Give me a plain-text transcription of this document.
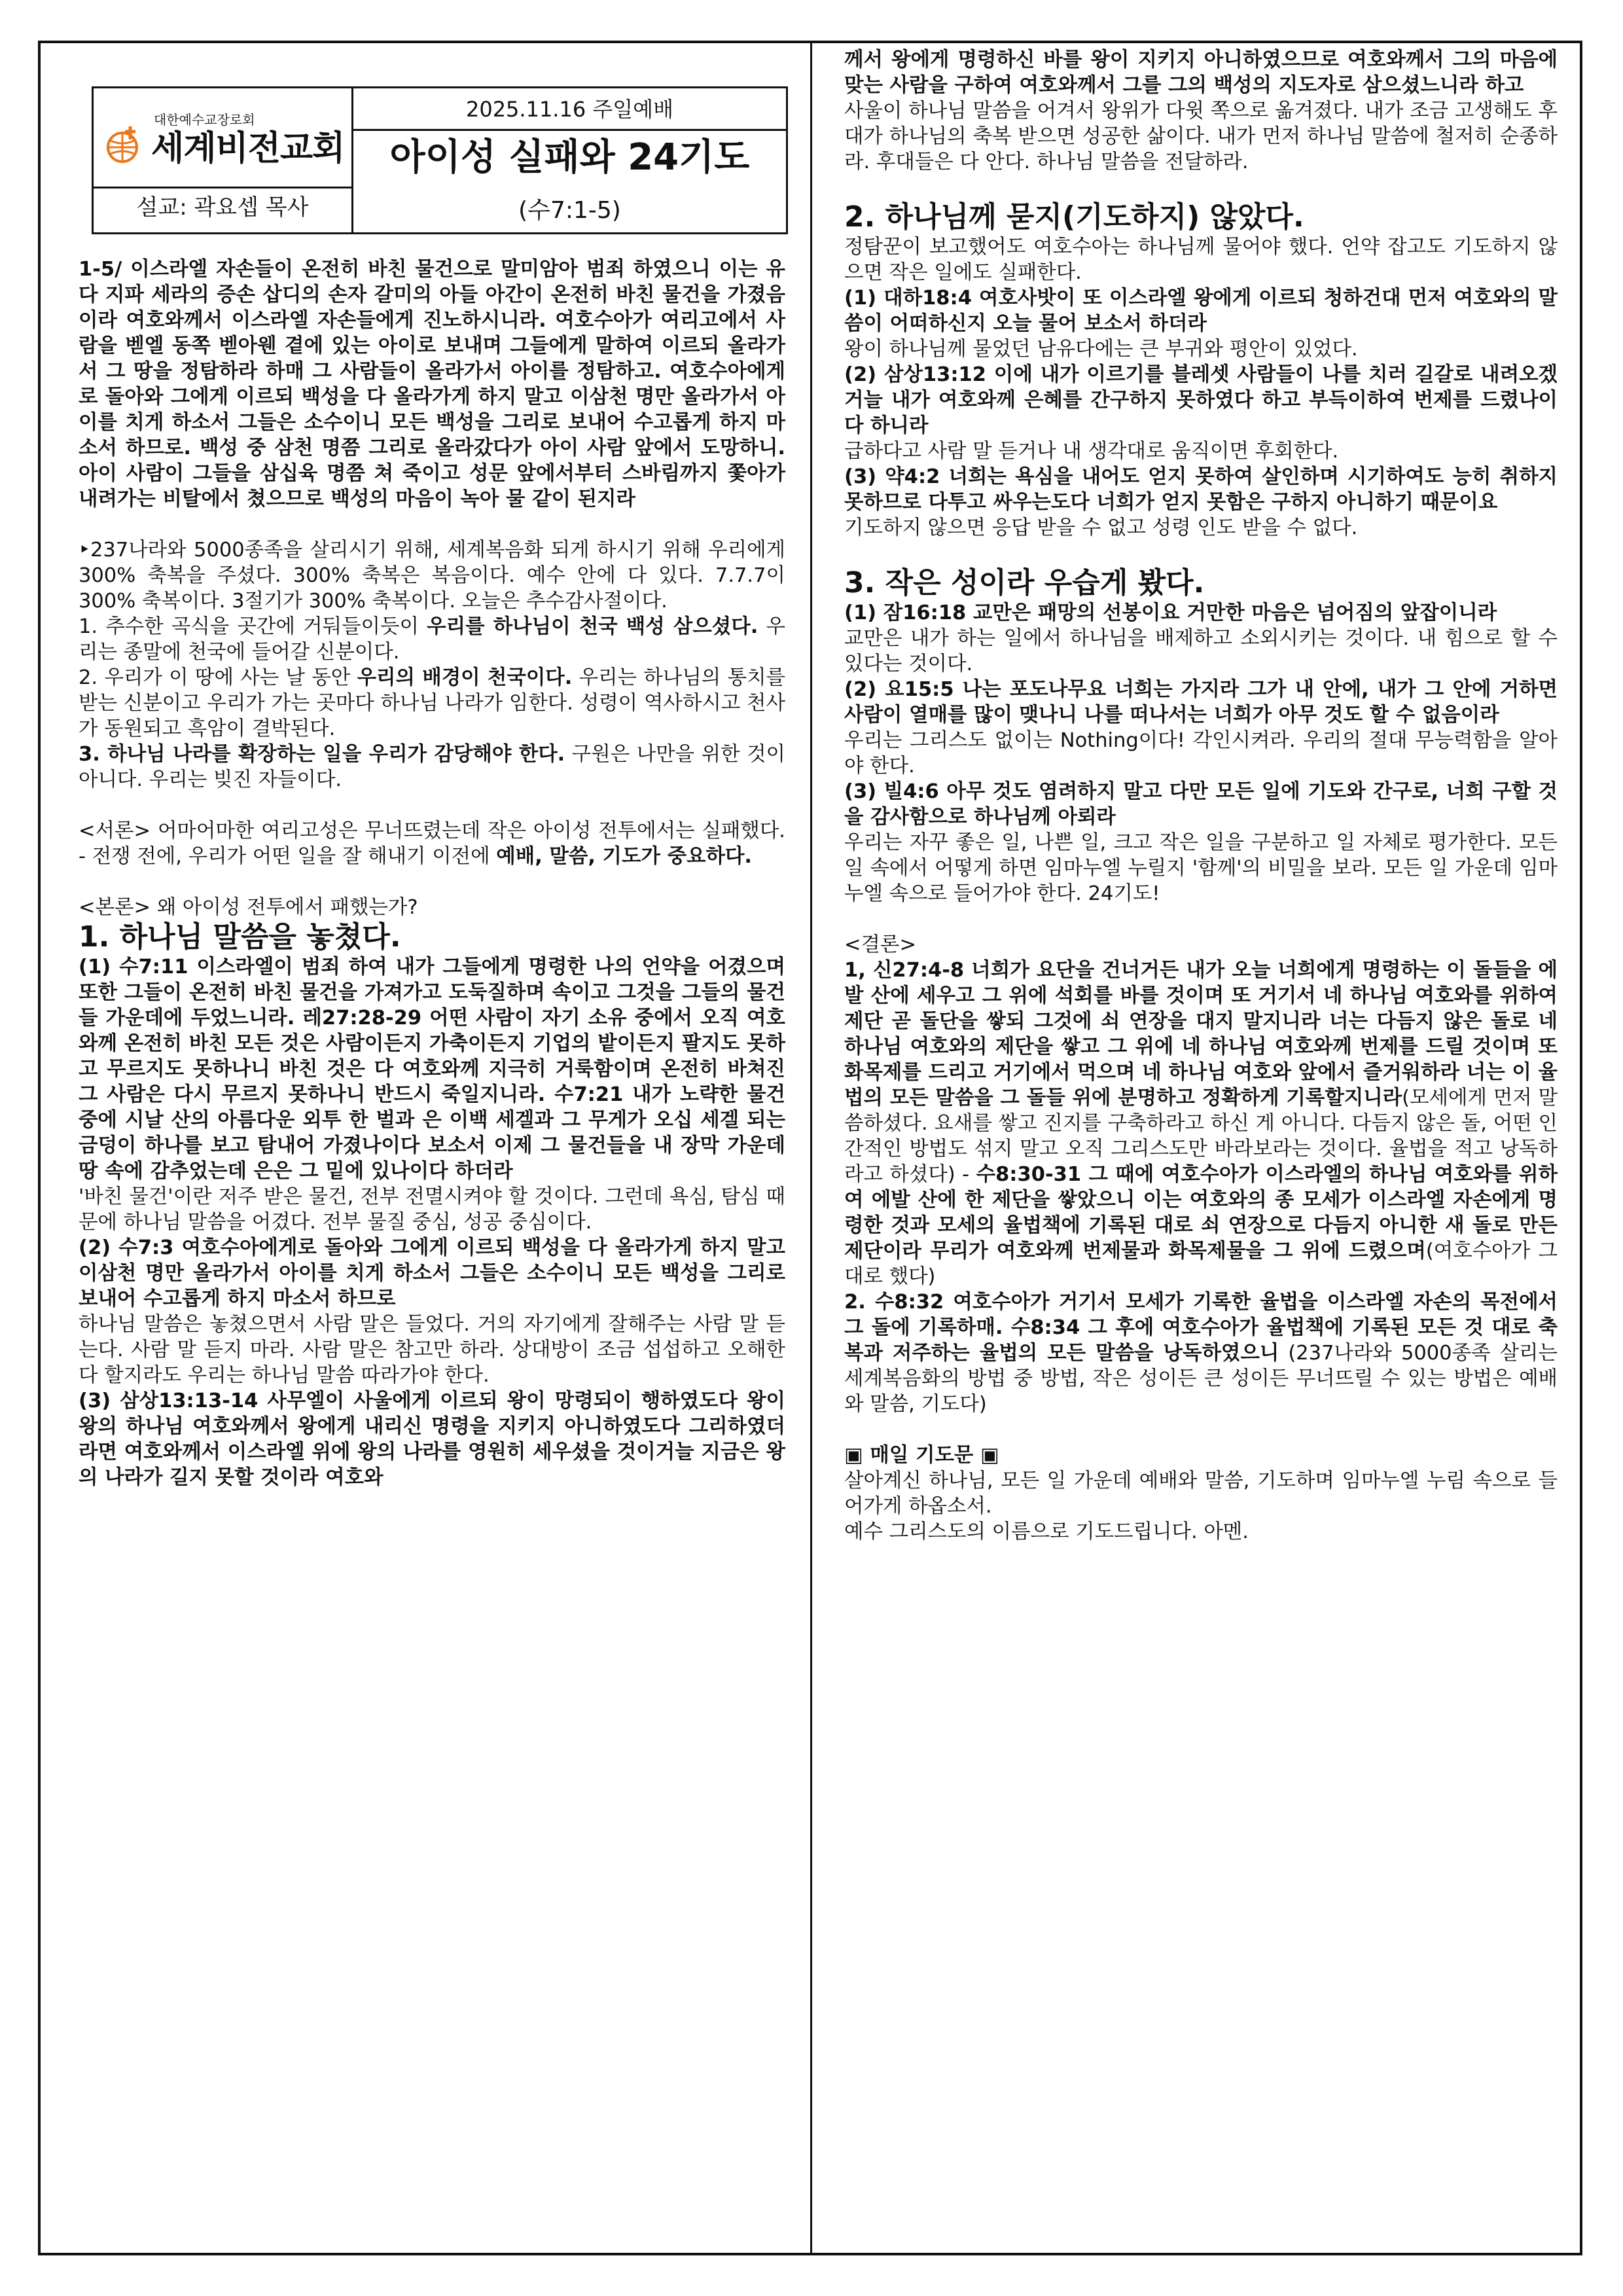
대한예수교장로회
세계비전교회
설교: 곽요셉 목사
2025.11.16 주일예배
아이성 실패와 24기도
(수7:1-5)

1-5/ 이스라엘 자손들이 온전히 바친 물건으로 말미암아 범죄 하였으니 이는 유다 지파 세라의 증손 삽디의 손자 갈미의 아들 아간이 온전히 바친 물건을 가졌음이라 여호와께서 이스라엘 자손들에게 진노하시니라. 여호수아가 여리고에서 사람을 벧엘 동쪽 벧아웬 곁에 있는 아이로 보내며 그들에게 말하여 이르되 올라가서 그 땅을 정탐하라 하매 그 사람들이 올라가서 아이를 정탐하고. 여호수아에게로 돌아와 그에게 이르되 백성을 다 올라가게 하지 말고 이삼천 명만 올라가서 아이를 치게 하소서 그들은 소수이니 모든 백성을 그리로 보내어 수고롭게 하지 마소서 하므로. 백성 중 삼천 명쯤 그리로 올라갔다가 아이 사람 앞에서 도망하니. 아이 사람이 그들을 삼십육 명쯤 쳐 죽이고 성문 앞에서부터 스바림까지 쫓아가 내려가는 비탈에서 쳤으므로 백성의 마음이 녹아 물 같이 된지라

‣237나라와 5000종족을 살리시기 위해, 세계복음화 되게 하시기 위해 우리에게 300% 축복을 주셨다. 300% 축복은 복음이다. 예수 안에 다 있다. 7.7.7이 300% 축복이다. 3절기가 300% 축복이다. 오늘은 추수감사절이다.

1. 추수한 곡식을 곳간에 거둬들이듯이 우리를 하나님이 천국 백성 삼으셨다. 우리는 종말에 천국에 들어갈 신분이다.

2. 우리가 이 땅에 사는 날 동안 우리의 배경이 천국이다. 우리는 하나님의 통치를 받는 신분이고 우리가 가는 곳마다 하나님 나라가 임한다. 성령이 역사하시고 천사가 동원되고 흑암이 결박된다.

3. 하나님 나라를 확장하는 일을 우리가 감당해야 한다. 구원은 나만을 위한 것이 아니다. 우리는 빚진 자들이다.

<서론> 어마어마한 여리고성은 무너뜨렸는데 작은 아이성 전투에서는 실패했다. - 전쟁 전에, 우리가 어떤 일을 잘 해내기 이전에 예배, 말씀, 기도가 중요하다.

<본론> 왜 아이성 전투에서 패했는가?

1. 하나님 말씀을 놓쳤다.

(1) 수7:11 이스라엘이 범죄 하여 내가 그들에게 명령한 나의 언약을 어겼으며 또한 그들이 온전히 바친 물건을 가져가고 도둑질하며 속이고 그것을 그들의 물건들 가운데에 두었느니라. 레27:28-29 어떤 사람이 자기 소유 중에서 오직 여호와께 온전히 바친 모든 것은 사람이든지 가축이든지 기업의 밭이든지 팔지도 못하고 무르지도 못하나니 바친 것은 다 여호와께 지극히 거룩함이며 온전히 바쳐진 그 사람은 다시 무르지 못하나니 반드시 죽일지니라. 수7:21 내가 노략한 물건 중에 시날 산의 아름다운 외투 한 벌과 은 이백 세겔과 그 무게가 오십 세겔 되는 금덩이 하나를 보고 탐내어 가졌나이다 보소서 이제 그 물건들을 내 장막 가운데 땅 속에 감추었는데 은은 그 밑에 있나이다 하더라

'바친 물건'이란 저주 받은 물건, 전부 전멸시켜야 할 것이다. 그런데 욕심, 탐심 때문에 하나님 말씀을 어겼다. 전부 물질 중심, 성공 중심이다.

(2) 수7:3 여호수아에게로 돌아와 그에게 이르되 백성을 다 올라가게 하지 말고 이삼천 명만 올라가서 아이를 치게 하소서 그들은 소수이니 모든 백성을 그리로 보내어 수고롭게 하지 마소서 하므로

하나님 말씀은 놓쳤으면서 사람 말은 들었다. 거의 자기에게 잘해주는 사람 말 듣는다. 사람 말 듣지 마라. 사람 말은 참고만 하라. 상대방이 조금 섭섭하고 오해한다 할지라도 우리는 하나님 말씀 따라가야 한다.

(3) 삼상13:13-14 사무엘이 사울에게 이르되 왕이 망령되이 행하였도다 왕이 왕의 하나님 여호와께서 왕에게 내리신 명령을 지키지 아니하였도다 그리하였더라면 여호와께서 이스라엘 위에 왕의 나라를 영원히 세우셨을 것이거늘 지금은 왕의 나라가 길지 못할 것이라 여호와

께서 왕에게 명령하신 바를 왕이 지키지 아니하였으므로 여호와께서 그의 마음에 맞는 사람을 구하여 여호와께서 그를 그의 백성의 지도자로 삼으셨느니라 하고

사울이 하나님 말씀을 어겨서 왕위가 다윗 쪽으로 옮겨졌다. 내가 조금 고생해도 후대가 하나님의 축복 받으면 성공한 삶이다. 내가 먼저 하나님 말씀에 철저히 순종하라. 후대들은 다 안다. 하나님 말씀을 전달하라.

2. 하나님께 묻지(기도하지) 않았다.

정탐꾼이 보고했어도 여호수아는 하나님께 물어야 했다. 언약 잡고도 기도하지 않으면 작은 일에도 실패한다.

(1) 대하18:4 여호사밧이 또 이스라엘 왕에게 이르되 청하건대 먼저 여호와의 말씀이 어떠하신지 오늘 물어 보소서 하더라

왕이 하나님께 물었던 남유다에는 큰 부귀와 평안이 있었다.

(2) 삼상13:12 이에 내가 이르기를 블레셋 사람들이 나를 치러 길갈로 내려오겠거늘 내가 여호와께 은혜를 간구하지 못하였다 하고 부득이하여 번제를 드렸나이다 하니라

급하다고 사람 말 듣거나 내 생각대로 움직이면 후회한다.

(3) 약4:2 너희는 욕심을 내어도 얻지 못하여 살인하며 시기하여도 능히 취하지 못하므로 다투고 싸우는도다 너희가 얻지 못함은 구하지 아니하기 때문이요

기도하지 않으면 응답 받을 수 없고 성령 인도 받을 수 없다.

3. 작은 성이라 우습게 봤다.

(1) 잠16:18 교만은 패망의 선봉이요 거만한 마음은 넘어짐의 앞잡이니라

교만은 내가 하는 일에서 하나님을 배제하고 소외시키는 것이다. 내 힘으로 할 수 있다는 것이다.

(2) 요15:5 나는 포도나무요 너희는 가지라 그가 내 안에, 내가 그 안에 거하면 사람이 열매를 많이 맺나니 나를 떠나서는 너희가 아무 것도 할 수 없음이라

우리는 그리스도 없이는 Nothing이다! 각인시켜라. 우리의 절대 무능력함을 알아야 한다.

(3) 빌4:6 아무 것도 염려하지 말고 다만 모든 일에 기도와 간구로, 너희 구할 것을 감사함으로 하나님께 아뢰라

우리는 자꾸 좋은 일, 나쁜 일, 크고 작은 일을 구분하고 일 자체로 평가한다. 모든 일 속에서 어떻게 하면 임마누엘 누릴지 '함께'의 비밀을 보라. 모든 일 가운데 임마누엘 속으로 들어가야 한다. 24기도!

<결론>

1, 신27:4-8 너희가 요단을 건너거든 내가 오늘 너희에게 명령하는 이 돌들을 에발 산에 세우고 그 위에 석회를 바를 것이며 또 거기서 네 하나님 여호와를 위하여 제단 곧 돌단을 쌓되 그것에 쇠 연장을 대지 말지니라 너는 다듬지 않은 돌로 네 하나님 여호와의 제단을 쌓고 그 위에 네 하나님 여호와께 번제를 드릴 것이며 또 화목제를 드리고 거기에서 먹으며 네 하나님 여호와 앞에서 즐거워하라 너는 이 율법의 모든 말씀을 그 돌들 위에 분명하고 정확하게 기록할지니라(모세에게 먼저 말씀하셨다. 요새를 쌓고 진지를 구축하라고 하신 게 아니다. 다듬지 않은 돌, 어떤 인간적인 방법도 섞지 말고 오직 그리스도만 바라보라는 것이다. 율법을 적고 낭독하라고 하셨다) - 수8:30-31 그 때에 여호수아가 이스라엘의 하나님 여호와를 위하여 에발 산에 한 제단을 쌓았으니 이는 여호와의 종 모세가 이스라엘 자손에게 명령한 것과 모세의 율법책에 기록된 대로 쇠 연장으로 다듬지 아니한 새 돌로 만든 제단이라 무리가 여호와께 번제물과 화목제물을 그 위에 드렸으며(여호수아가 그대로 했다)

2. 수8:32 여호수아가 거기서 모세가 기록한 율법을 이스라엘 자손의 목전에서 그 돌에 기록하매. 수8:34 그 후에 여호수아가 율법책에 기록된 모든 것 대로 축복과 저주하는 율법의 모든 말씀을 낭독하였으니 (237나라와 5000종족 살리는 세계복음화의 방법 중 방법, 작은 성이든 큰 성이든 무너뜨릴 수 있는 방법은 예배와 말씀, 기도다)

▣ 매일 기도문 ▣

살아계신 하나님, 모든 일 가운데 예배와 말씀, 기도하며 임마누엘 누림 속으로 들어가게 하옵소서.

예수 그리스도의 이름으로 기도드립니다. 아멘.
